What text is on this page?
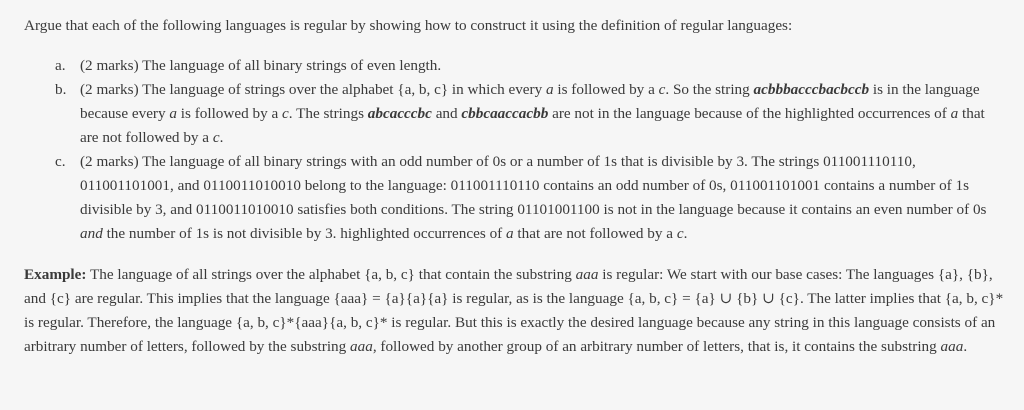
Argue that each of the following languages is regular by showing how to construct it using the definition of regular languages:

a. (2 marks) The language of all binary strings of even length.
b. (2 marks) The language of strings over the alphabet {a, b, c} in which every a is followed by a c. So the string acbbbacccbacbccb is in the language because every a is followed by a c. The strings abcacccbc and cbbcaaccacbb are not in the language because of the highlighted occurrences of a that are not followed by a c.
c. (2 marks) The language of all binary strings with an odd number of 0s or a number of 1s that is divisible by 3. The strings 011001110110, 011001101001, and 0110011010010 belong to the language: 011001110110 contains an odd number of 0s, 011001101001 contains a number of 1s divisible by 3, and 0110011010010 satisfies both conditions. The string 01101001100 is not in the language because it contains an even number of 0s and the number of 1s is not divisible by 3. highlighted occurrences of a that are not followed by a c.

Example: The language of all strings over the alphabet {a, b, c} that contain the substring aaa is regular: We start with our base cases: The languages {a}, {b}, and {c} are regular. This implies that the language {aaa} = {a}{a}{a} is regular, as is the language {a, b, c} = {a} ∪ {b} ∪ {c}. The latter implies that {a, b, c}* is regular. Therefore, the language {a, b, c}*{aaa}{a, b, c}* is regular. But this is exactly the desired language because any string in this language consists of an arbitrary number of letters, followed by the substring aaa, followed by another group of an arbitrary number of letters, that is, it contains the substring aaa.
